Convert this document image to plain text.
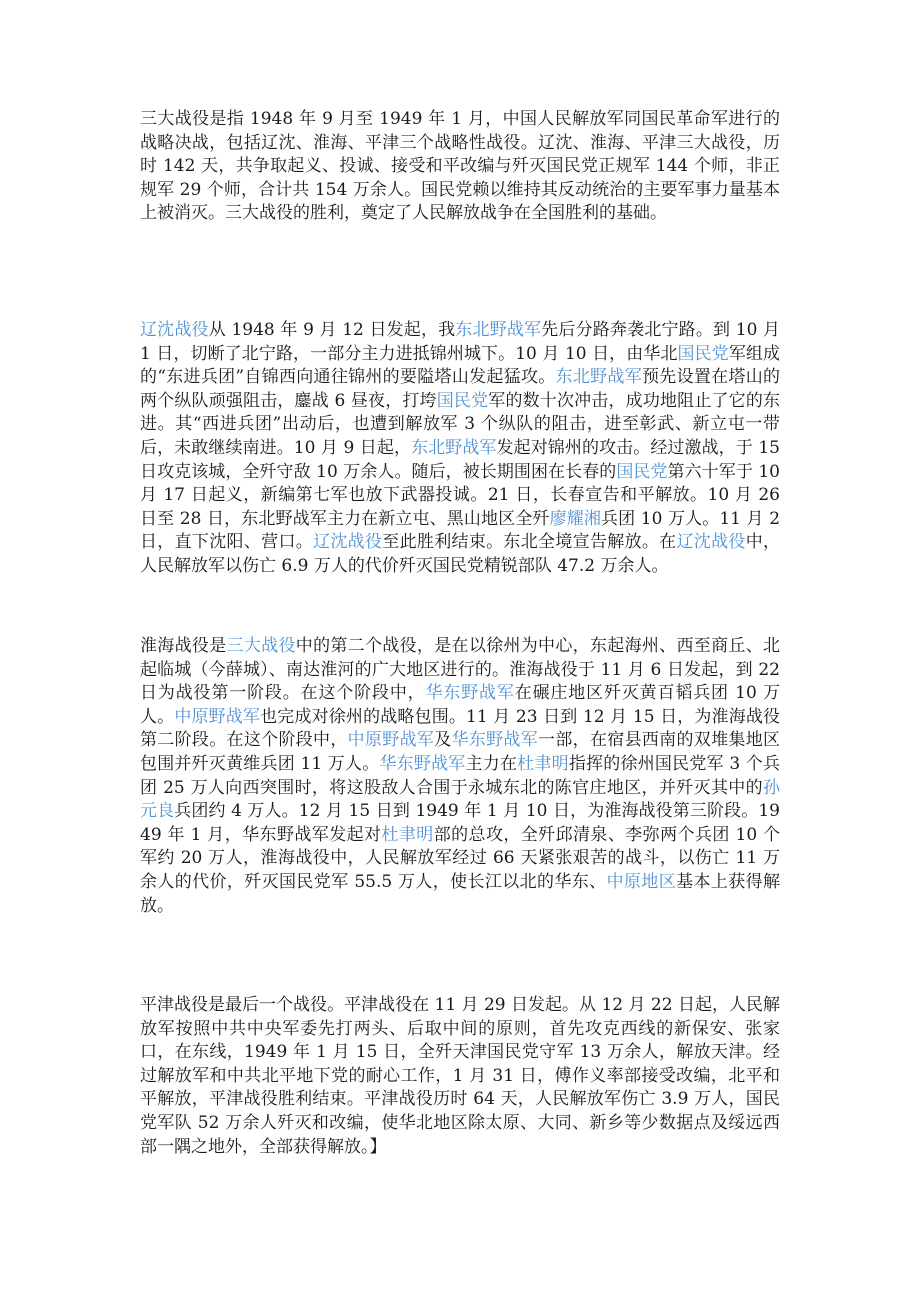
三大战役是指 1948 年 9 月至 1949 年 1 月，中国人民解放军同国民革命军进行的战略决战，包括辽沈、淮海、平津三个战略性战役。辽沈、淮海、平津三大战役，历时 142 天，共争取起义、投诚、接受和平改编与歼灭国民党正规军 144 个师，非正规军 29 个师，合计共 154 万余人。国民党赖以维持其反动统治的主要军事力量基本上被消灭。三大战役的胜利，奠定了人民解放战争在全国胜利的基础。

辽沈战役从 1948 年 9 月 12 日发起，我东北野战军先后分路奔袭北宁路。到 10 月 1 日，切断了北宁路，一部分主力进抵锦州城下。10 月 10 日，由华北国民党军组成的“东进兵团”自锦西向通往锦州的要隘塔山发起猛攻。东北野战军预先设置在塔山的两个纵队顽强阻击，鏖战 6 昼夜，打垮国民党军的数十次冲击，成功地阻止了它的东进。其“西进兵团”出动后，也遭到解放军 3 个纵队的阻击，进至彰武、新立屯一带后，未敢继续南进。10 月 9 日起，东北野战军发起对锦州的攻击。经过激战，于 15 日攻克该城，全歼守敌 10 万余人。随后，被长期围困在长春的国民党第六十军于 10 月 17 日起义，新编第七军也放下武器投诚。21 日，长春宣告和平解放。10 月 26 日至 28 日，东北野战军主力在新立屯、黑山地区全歼廖耀湘兵团 10 万人。11 月 2 日，直下沈阳、营口。辽沈战役至此胜利结束。东北全境宣告解放。在辽沈战役中，人民解放军以伤亡 6.9 万人的代价歼灭国民党精锐部队 47.2 万余人。

淮海战役是三大战役中的第二个战役，是在以徐州为中心，东起海州、西至商丘、北起临城（今薛城）、南达淮河的广大地区进行的。淮海战役于 11 月 6 日发起，到 22 日为战役第一阶段。在这个阶段中，华东野战军在碾庄地区歼灭黄百韬兵团 10 万人。中原野战军也完成对徐州的战略包围。11 月 23 日到 12 月 15 日，为淮海战役第二阶段。在这个阶段中，中原野战军及华东野战军一部，在宿县西南的双堆集地区包围并歼灭黄维兵团 11 万人。华东野战军主力在杜聿明指挥的徐州国民党军 3 个兵团 25 万人向西突围时，将这股敌人合围于永城东北的陈官庄地区，并歼灭其中的孙元良兵团约 4 万人。12 月 15 日到 1949 年 1 月 10 日，为淮海战役第三阶段。1949 年 1 月，华东野战军发起对杜聿明部的总攻，全歼邱清泉、李弥两个兵团 10 个军约 20 万人，淮海战役中，人民解放军经过 66 天紧张艰苦的战斗，以伤亡 11 万余人的代价，歼灭国民党军 55.5 万人，使长江以北的华东、中原地区基本上获得解放。

平津战役是最后一个战役。平津战役在 11 月 29 日发起。从 12 月 22 日起，人民解放军按照中共中央军委先打两头、后取中间的原则，首先攻克西线的新保安、张家口，在东线，1949 年 1 月 15 日，全歼天津国民党守军 13 万余人，解放天津。经过解放军和中共北平地下党的耐心工作，1 月 31 日，傅作义率部接受改编，北平和平解放，平津战役胜利结束。平津战役历时 64 天，人民解放军伤亡 3.9 万人，国民党军队 52 万余人歼灭和改编，使华北地区除太原、大同、新乡等少数据点及绥远西部一隅之地外，全部获得解放。】
